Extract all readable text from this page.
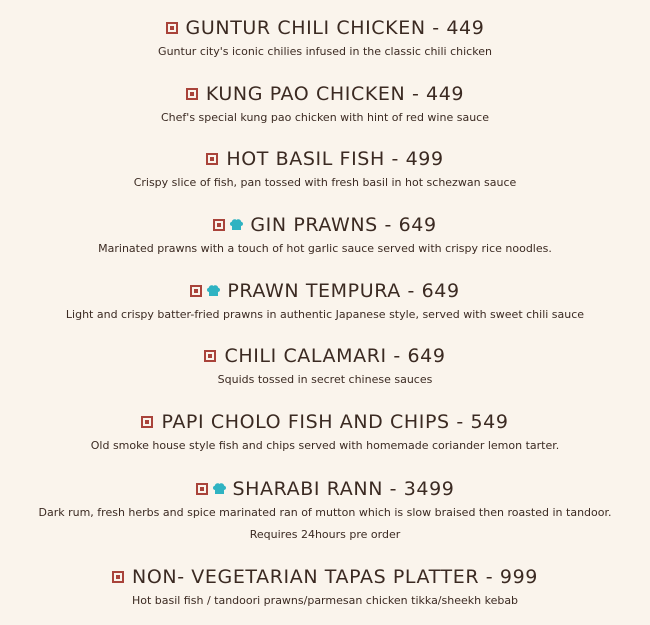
GUNTUR CHILI CHICKEN - 449
Guntur city's iconic chilies infused in the classic chili chicken
KUNG PAO CHICKEN - 449
Chef's special kung pao chicken with hint of red wine sauce
HOT BASIL FISH - 499
Crispy slice of fish, pan tossed with fresh basil in hot schezwan sauce
GIN PRAWNS - 649
Marinated prawns with a touch of hot garlic sauce served with crispy rice noodles.
PRAWN TEMPURA - 649
Light and crispy batter-fried prawns in authentic Japanese style, served with sweet chili sauce
CHILI CALAMARI - 649
Squids tossed in secret chinese sauces
PAPI CHOLO FISH AND CHIPS - 549
Old smoke house style fish and chips served with homemade coriander lemon tarter.
SHARABI RANN - 3499
Dark rum, fresh herbs and spice marinated ran of mutton which is slow braised then roasted in tandoor.
Requires 24hours pre order
NON- VEGETARIAN TAPAS PLATTER - 999
Hot basil fish / tandoori prawns/parmesan chicken tikka/sheekh kebab
